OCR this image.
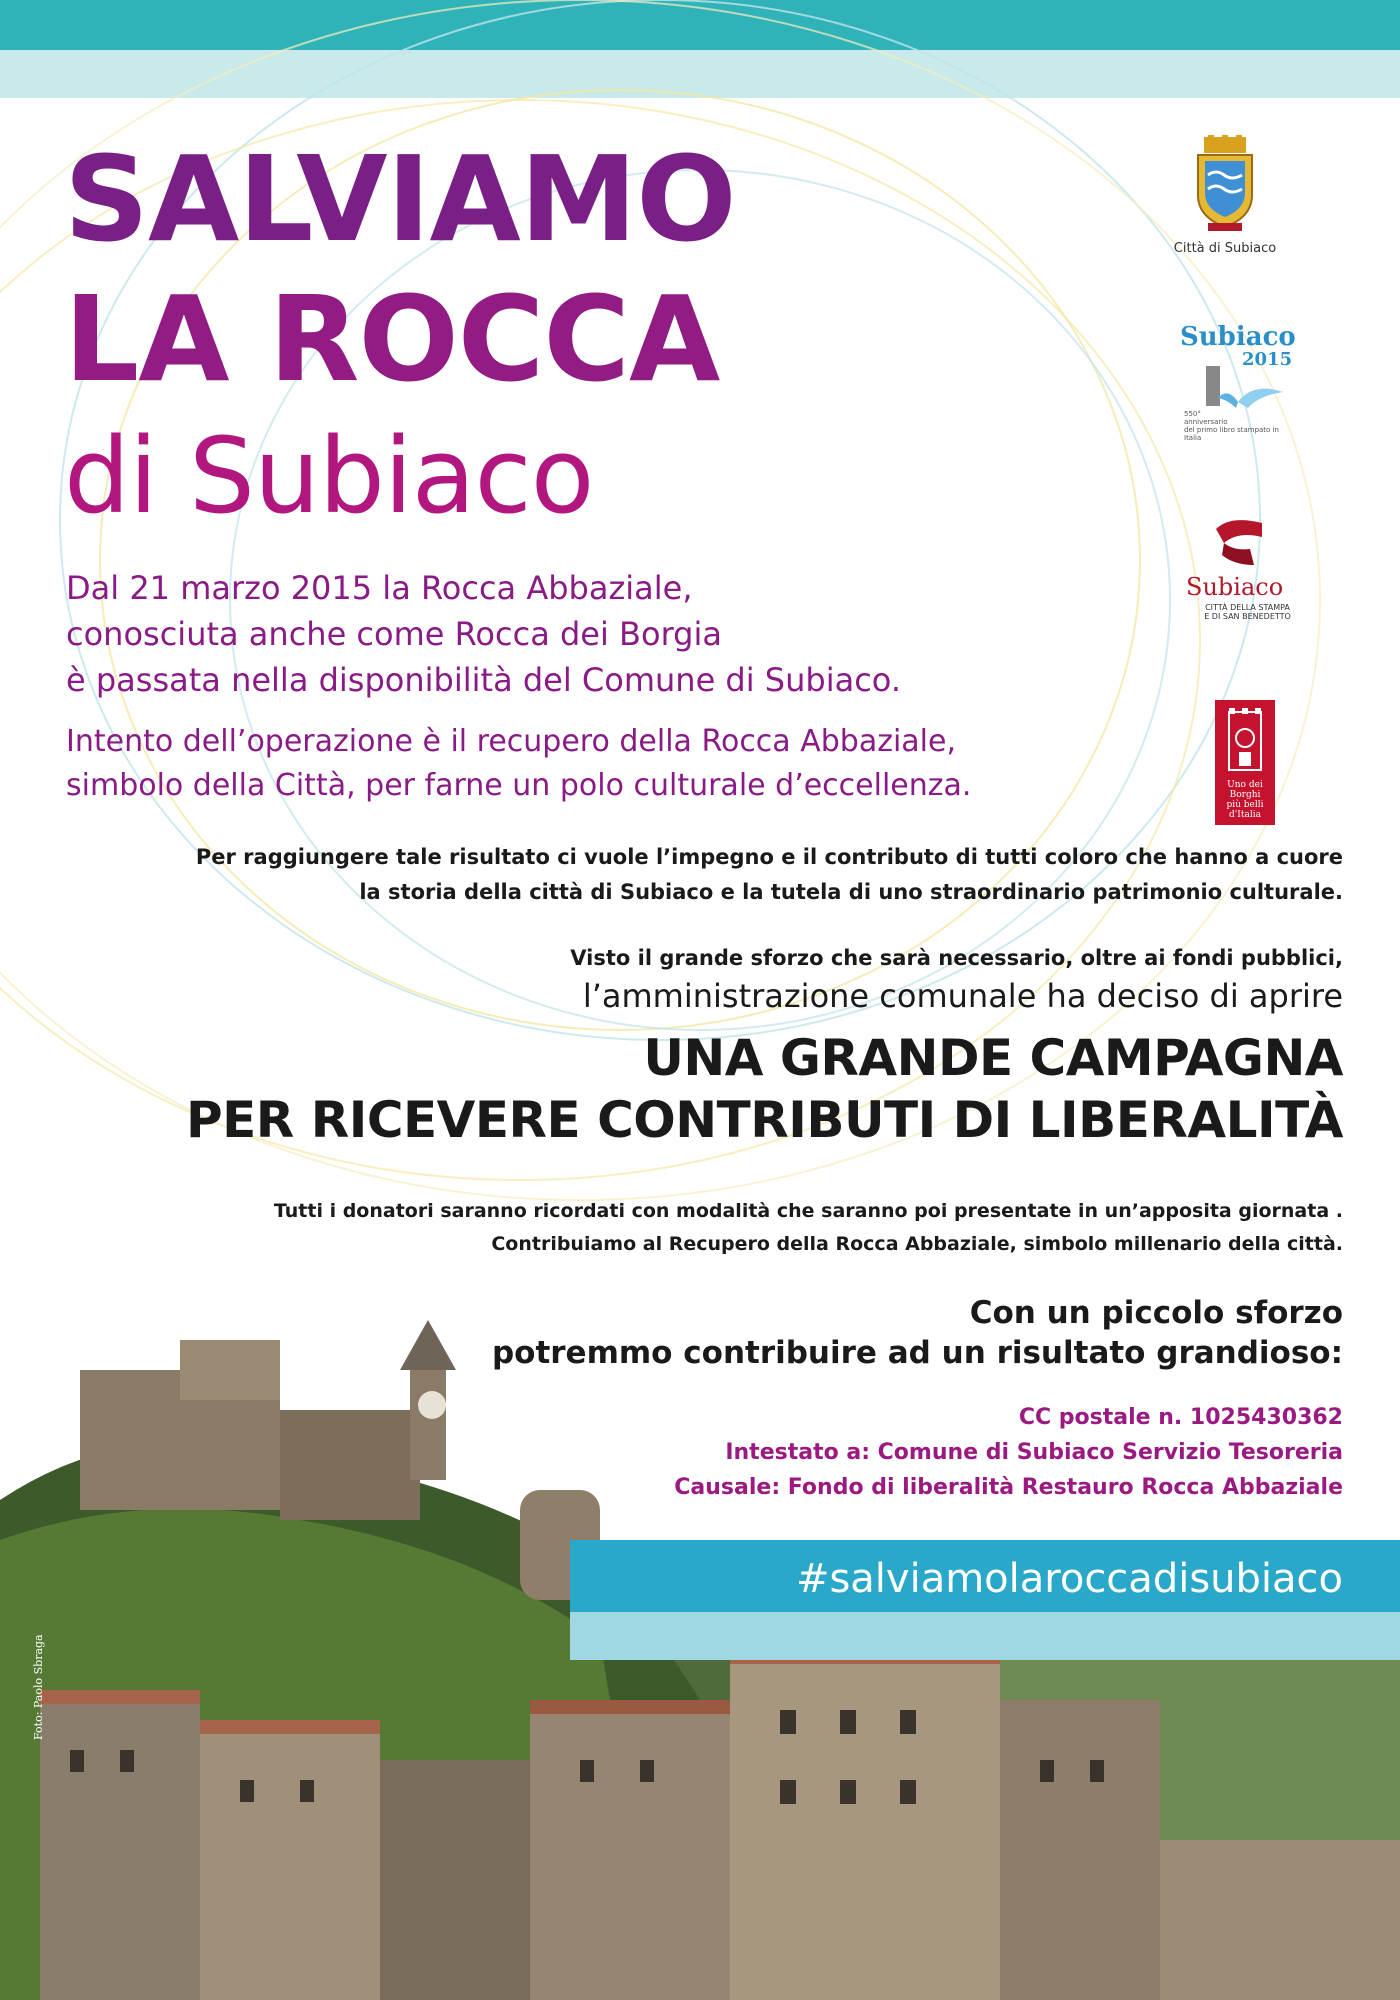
SALVIAMO
LA ROCCA
di Subiaco
Città di Subiaco
Subiaco
2015
550°
anniversario
del primo libro stampato in Italia
Subiaco
CITTÀ DELLA STAMPA
E DI SAN BENEDETTO
Uno dei
Borghi
più belli
d'Italia
Dal 21 marzo 2015 la Rocca Abbaziale,
conosciuta anche come Rocca dei Borgia
è passata nella disponibilità del Comune di Subiaco.
Intento dell’operazione è il recupero della Rocca Abbaziale,
simbolo della Città, per farne un polo culturale d’eccellenza.
Per raggiungere tale risultato ci vuole l’impegno e il contributo di tutti coloro che hanno a cuore
la storia della città di Subiaco e la tutela di uno straordinario patrimonio culturale.
Visto il grande sforzo che sarà necessario, oltre ai fondi pubblici,
l’amministrazione comunale ha deciso di aprire
UNA GRANDE CAMPAGNA
PER RICEVERE CONTRIBUTI DI LIBERALITÀ
Tutti i donatori saranno ricordati con modalità che saranno poi presentate in un’apposita giornata .
Contribuiamo al Recupero della Rocca Abbaziale, simbolo millenario della città.
#salviamolaroccadisubiaco
Con un piccolo sforzo
potremmo contribuire ad un risultato grandioso:
CC postale n. 1025430362
Intestato a: Comune di Subiaco Servizio Tesoreria
Causale: Fondo di liberalità Restauro Rocca Abbaziale
Foto: Paolo Sbraga
